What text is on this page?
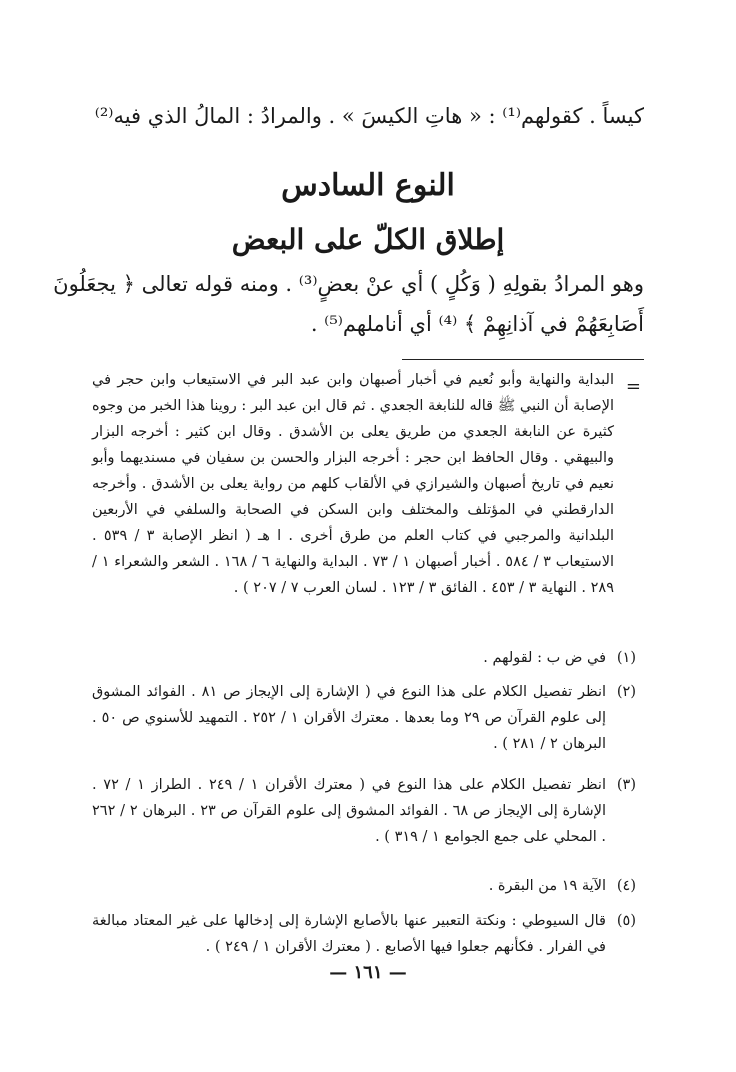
كيساً . كقولهم⁽¹⁾ : « هاتِ الكيسَ » . والمرادُ : المالُ الذي فيه⁽²⁾
النوع السادس
إطلاق الكلّ على البعض
وهو المرادُ بقولِهِ ( وَكُلٍ ) أي عنْ بعضٍ⁽³⁾ . ومنه قوله تعالى ﴿ يجعَلُونَ
أَصَابِعَهُمْ في آذانِهِمْ ﴾ ⁽⁴⁾ أي أناملهم⁽⁵⁾ .
=
البداية والنهاية وأبو نُعيم في أخبار أصبهان وابن عبد البر في الاستيعاب وابن حجر في الإصابة أن النبي ﷺ قاله للنابغة الجعدي . ثم قال ابن عبد البر : روينا هذا الخبر من وجوه كثيرة عن النابغة الجعدي من طريق يعلى بن الأشدق . وقال ابن كثير : أخرجه البزار والبيهقي . وقال الحافظ ابن حجر : أخرجه البزار والحسن بن سفيان في مسنديهما وأبو نعيم في تاريخ أصبهان والشيرازي في الألقاب كلهم من رواية يعلى بن الأشدق . وأخرجه الدارقطني في المؤتلف والمختلف وابن السكن في الصحابة والسلفي في الأربعين البلدانية والمرجبي في كتاب العلم من طرق أخرى . ا هـ ( انظر الإصابة ٣ / ٥٣٩ . الاستيعاب ٣ / ٥٨٤ . أخبار أصبهان ١ / ٧٣ . البداية والنهاية ٦ / ١٦٨ . الشعر والشعراء ١ / ٢٨٩ . النهاية ٣ / ٤٥٣ . الفائق ٣ / ١٢٣ . لسان العرب ٧ / ٢٠٧ ) .
(١)
في ض ب : لقولهم .
(٢)
انظر تفصيل الكلام على هذا النوع في ( الإشارة إلى الإيجاز ص ٨١ . الفوائد المشوق إلى علوم القرآن ص ٢٩ وما بعدها . معترك الأقران ١ / ٢٥٢ . التمهيد للأسنوي ص ٥٠ . البرهان ٢ / ٢٨١ ) .
(٣)
انظر تفصيل الكلام على هذا النوع في ( معترك الأقران ١ / ٢٤٩ . الطراز ١ / ٧٢ . الإشارة إلى الإيجاز ص ٦٨ . الفوائد المشوق إلى علوم القرآن ص ٢٣ . البرهان ٢ / ٢٦٢ . المحلي على جمع الجوامع ١ / ٣١٩ ) .
(٤)
الآية ١٩ من البقرة .
(٥)
قال السيوطي : ونكتة التعبير عنها بالأصابع الإشارة إلى إدخالها على غير المعتاد مبالغة في الفرار . فكأنهم جعلوا فيها الأصابع . ( معترك الأقران ١ / ٢٤٩ ) .
— ١٦١ —
